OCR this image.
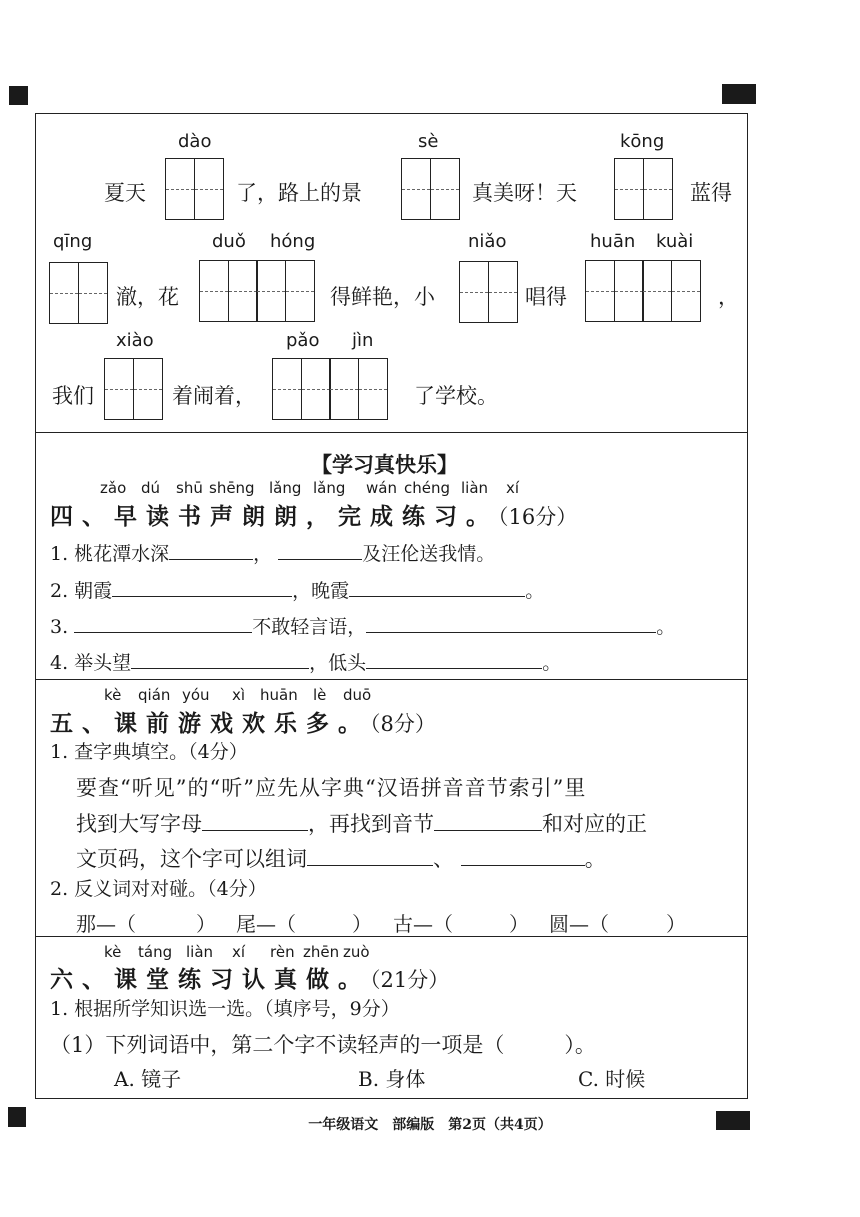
dào
夏天	了，路上的景
sè
真美呀！天
kōng
蓝得
qīng
澈，花
duǒ hóng
得鲜艳，小
niǎo
唱得
huān kuài
，
我们
xiào
着闹着，
pǎo jìn
了学校。
【学习真快乐】
zǎo dú shū shēng lǎng lǎng wán chéng liàn xí
四、早读书声朗朗，完成练习。（16分）
1. 桃花潭水深	，	及汪伦送我情。
2. 朝霞	，晚霞	。
3.	不敢轻言语，	。
4. 举头望	，低头	。
kè qián yóu xì huān lè duō
五、课前游戏欢乐多。（8分）
1. 查字典填空。（4分）
要查“听见”的“听”应先从字典“汉语拼音音节索引”里
找到大写字母	，再找到音节	和对应的正
文页码，这个字可以组词	、	。
2. 反义词对对碰。（4分）
那—（	） 尾—（	） 古—（	） 圆—（	）
kè táng liàn xí rèn zhēn zuò
六、课堂练习认真做。（21分）
1. 根据所学知识选一选。（填序号，9分）
（1）下列词语中，第二个字不读轻声的一项是（	）。
A. 镜子	B. 身体	C. 时候
一年级语文　部编版　第2页（共4页）
